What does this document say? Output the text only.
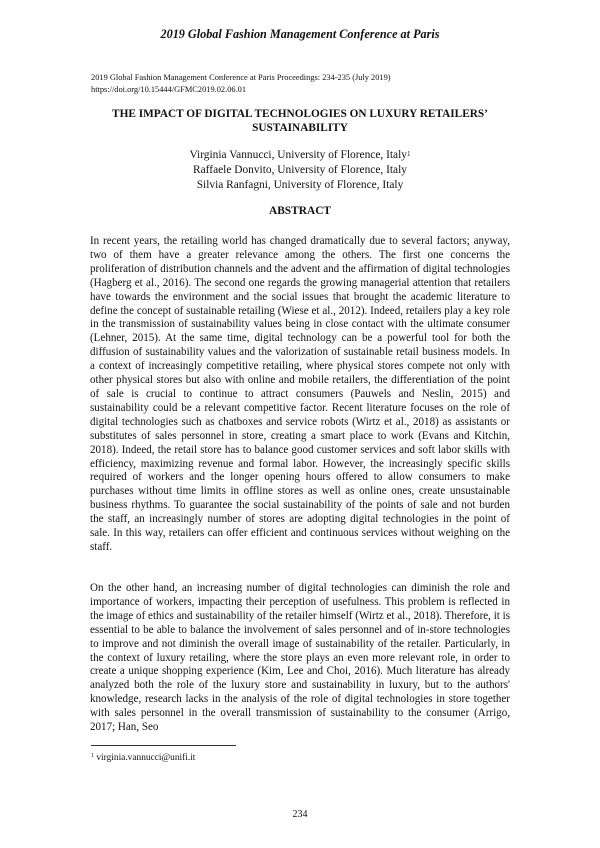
2019 Global Fashion Management Conference at Paris
2019 Global Fashion Management Conference at Paris Proceedings: 234-235 (July 2019)
https://doi.org/10.15444/GFMC2019.02.06.01
THE IMPACT OF DIGITAL TECHNOLOGIES ON LUXURY RETAILERS’
SUSTAINABILITY
Virginia Vannucci, University of Florence, Italy$^1$
Raffaele Donvito, University of Florence, Italy
Silvia Ranfagni, University of Florence, Italy
ABSTRACT
In recent years, the retailing world has changed dramatically due to several factors; anyway, two of them have a greater relevance among the others. The first one concerns the proliferation of distribution channels and the advent and the affirmation of digital technologies (Hagberg et al., 2016). The second one regards the growing managerial attention that retailers have towards the environment and the social issues that brought the academic literature to define the concept of sustainable retailing (Wiese et al., 2012). Indeed, retailers play a key role in the transmission of sustainability values being in close contact with the ultimate consumer (Lehner, 2015). At the same time, digital technology can be a powerful tool for both the diffusion of sustainability values and the valorization of sustainable retail business models. In a context of increasingly competitive retailing, where physical stores compete not only with other physical stores but also with online and mobile retailers, the differentiation of the point of sale is crucial to continue to attract consumers (Pauwels and Neslin, 2015) and sustainability could be a relevant competitive factor. Recent literature focuses on the role of digital technologies such as chatboxes and service robots (Wirtz et al., 2018) as assistants or substitutes of sales personnel in store, creating a smart place to work (Evans and Kitchin, 2018). Indeed, the retail store has to balance good customer services and soft labor skills with efficiency, maximizing revenue and formal labor. However, the increasingly specific skills required of workers and the longer opening hours offered to allow consumers to make purchases without time limits in offline stores as well as online ones, create unsustainable business rhythms. To guarantee the social sustainability of the points of sale and not burden the staff, an increasingly number of stores are adopting digital technologies in the point of sale. In this way, retailers can offer efficient and continuous services without weighing on the staff.
On the other hand, an increasing number of digital technologies can diminish the role and importance of workers, impacting their perception of usefulness. This problem is reflected in the image of ethics and sustainability of the retailer himself (Wirtz et al., 2018). Therefore, it is essential to be able to balance the involvement of sales personnel and of in-store technologies to improve and not diminish the overall image of sustainability of the retailer. Particularly, in the context of luxury retailing, where the store plays an even more relevant role, in order to create a unique shopping experience (Kim, Lee and Choi, 2016). Much literature has already analyzed both the role of the luxury store and sustainability in luxury, but to the authors' knowledge, research lacks in the analysis of the role of digital technologies in store together with sales personnel in the overall transmission of sustainability to the consumer (Arrigo, 2017; Han, Seo
$^1$ virginia.vannucci@unifi.it
234
